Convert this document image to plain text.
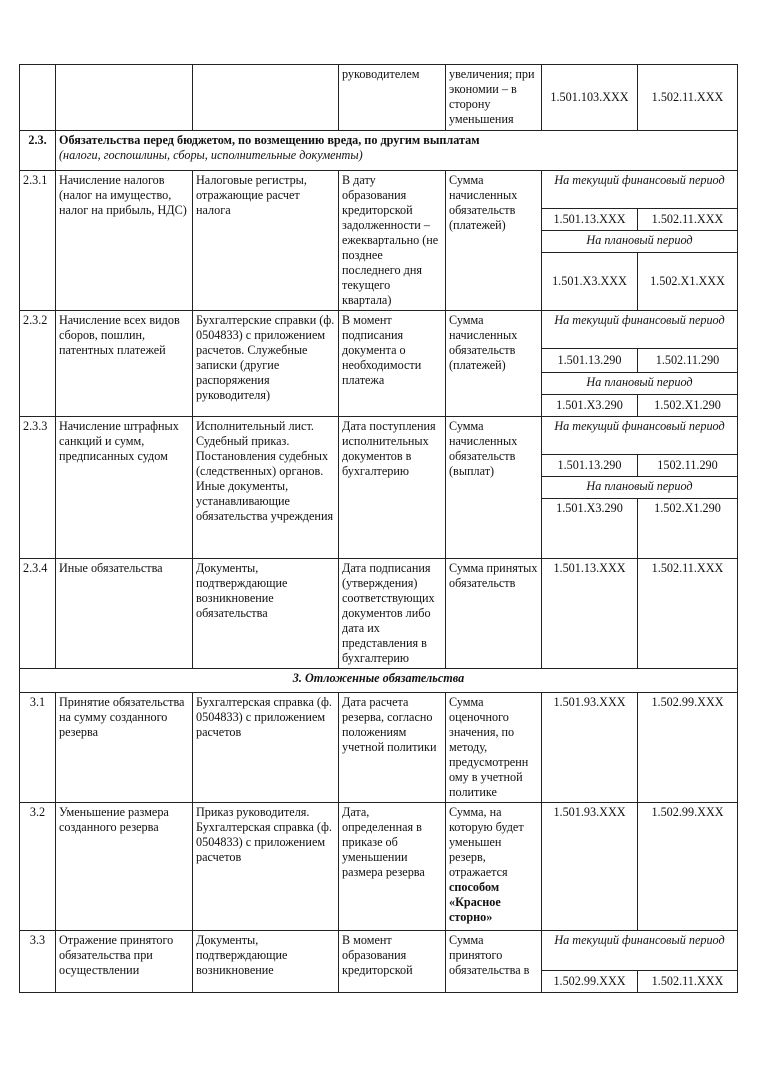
			руководителем	увеличения; при экономии – в сторону уменьшения	1.501.103.XXX	1.502.11.XXX
2.3.	Обязательства перед бюджетом, по возмещению вреда, по другим выплатам
(налоги, госпошлины, сборы, исполнительные документы)					

2.3.1	Начисление налогов (налог на имущество, налог на прибыль, НДС)	Налоговые регистры, отражающие расчет налога	В дату образования кредиторской задолженности – ежеквартально (не позднее последнего дня текущего квартала)	Сумма начисленных обязательств (платежей)	На текущий финансовый период	
					1.501.13.XXX	1.502.11.XXX
					На плановый период	
					1.501.X3.XXX	1.502.X1.XXX
2.3.2	Начисление всех видов сборов, пошлин, патентных платежей	Бухгалтерские справки (ф. 0504833) с приложением расчетов. Служебные записки (другие распоряжения руководителя)	В момент подписания документа о необходимости платежа	Сумма начисленных обязательств (платежей)	На текущий финансовый период	
					1.501.13.290	1.502.11.290
					На плановый период	
					1.501.X3.290	1.502.X1.290
2.3.3	Начисление штрафных санкций и сумм, предписанных судом	Исполнительный лист. Судебный приказ. Постановления судебных (следственных) органов. Иные документы, устанавливающие обязательства учреждения	Дата поступления исполнительных документов в бухгалтерию	Сумма начисленных обязательств (выплат)	На текущий финансовый период	
					1.501.13.290	1502.11.290
					На плановый период	
					1.501.X3.290	1.502.X1.290
2.3.4	Иные обязательства	Документы, подтверждающие возникновение обязательства	Дата подписания (утверждения) соответствующих документов либо дата их представления в бухгалтерию	Сумма принятых обязательств	1.501.13.XXX	1.502.11.XXX
3. Отложенные обязательства						
3.1	Принятие обязательства на сумму созданного резерва	Бухгалтерская справка (ф. 0504833) с приложением расчетов	Дата расчета резерва, согласно положениям учетной политики	Сумма оценочного значения, по методу, предусмотренн ому в учетной политике	1.501.93.XXX	1.502.99.XXX
3.2	Уменьшение размера созданного резерва	Приказ руководителя. Бухгалтерская справка (ф. 0504833) с приложением расчетов	Дата, определенная в приказе об уменьшении размера резерва	Сумма, на которую будет уменьшен резерв, отражается способом «Красное сторно»	1.501.93.XXX	1.502.99.XXX
3.3	Отражение принятого обязательства при осуществлении	Документы, подтверждающие возникновение	В момент образования кредиторской	Сумма принятого обязательства в	На текущий финансовый период	
					1.502.99.XXX	1.502.11.XXX
